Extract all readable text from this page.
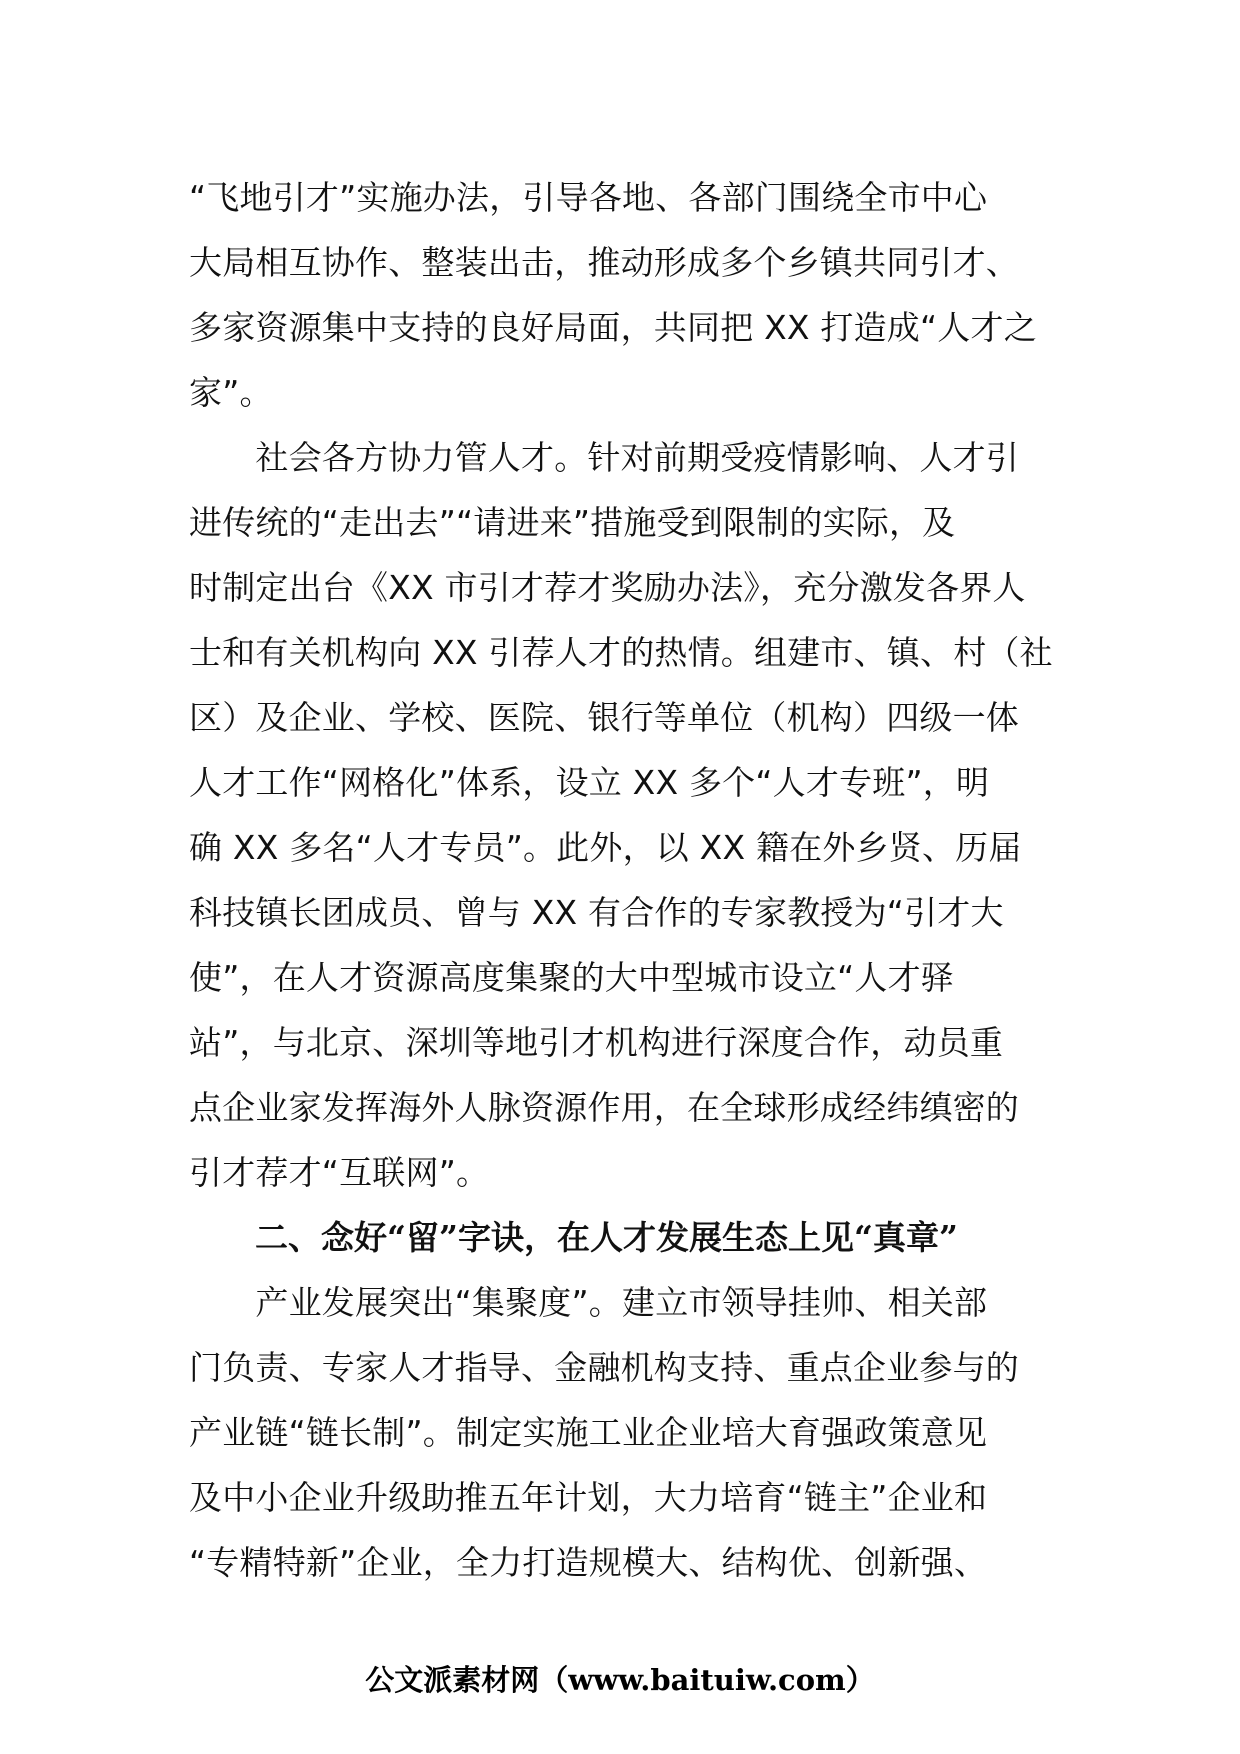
“飞地引才”实施办法，引导各地、各部门围绕全市中心
大局相互协作、整装出击，推动形成多个乡镇共同引才、
多家资源集中支持的良好局面，共同把 XX 打造成“人才之
家”。
　　社会各方协力管人才。针对前期受疫情影响、人才引
进传统的“走出去”“请进来”措施受到限制的实际，及
时制定出台《XX 市引才荐才奖励办法》，充分激发各界人
士和有关机构向 XX 引荐人才的热情。组建市、镇、村（社
区）及企业、学校、医院、银行等单位（机构）四级一体
人才工作“网格化”体系，设立 XX 多个“人才专班”，明
确 XX 多名“人才专员”。此外，以 XX 籍在外乡贤、历届
科技镇长团成员、曾与 XX 有合作的专家教授为“引才大
使”，在人才资源高度集聚的大中型城市设立“人才驿
站”，与北京、深圳等地引才机构进行深度合作，动员重
点企业家发挥海外人脉资源作用，在全球形成经纬缜密的
引才荐才“互联网”。
　　二、念好“留”字诀，在人才发展生态上见“真章”
　　产业发展突出“集聚度”。建立市领导挂帅、相关部
门负责、专家人才指导、金融机构支持、重点企业参与的
产业链“链长制”。制定实施工业企业培大育强政策意见
及中小企业升级助推五年计划，大力培育“链主”企业和
“专精特新”企业，全力打造规模大、结构优、创新强、
公文派素材网（www.baituiw.com）
